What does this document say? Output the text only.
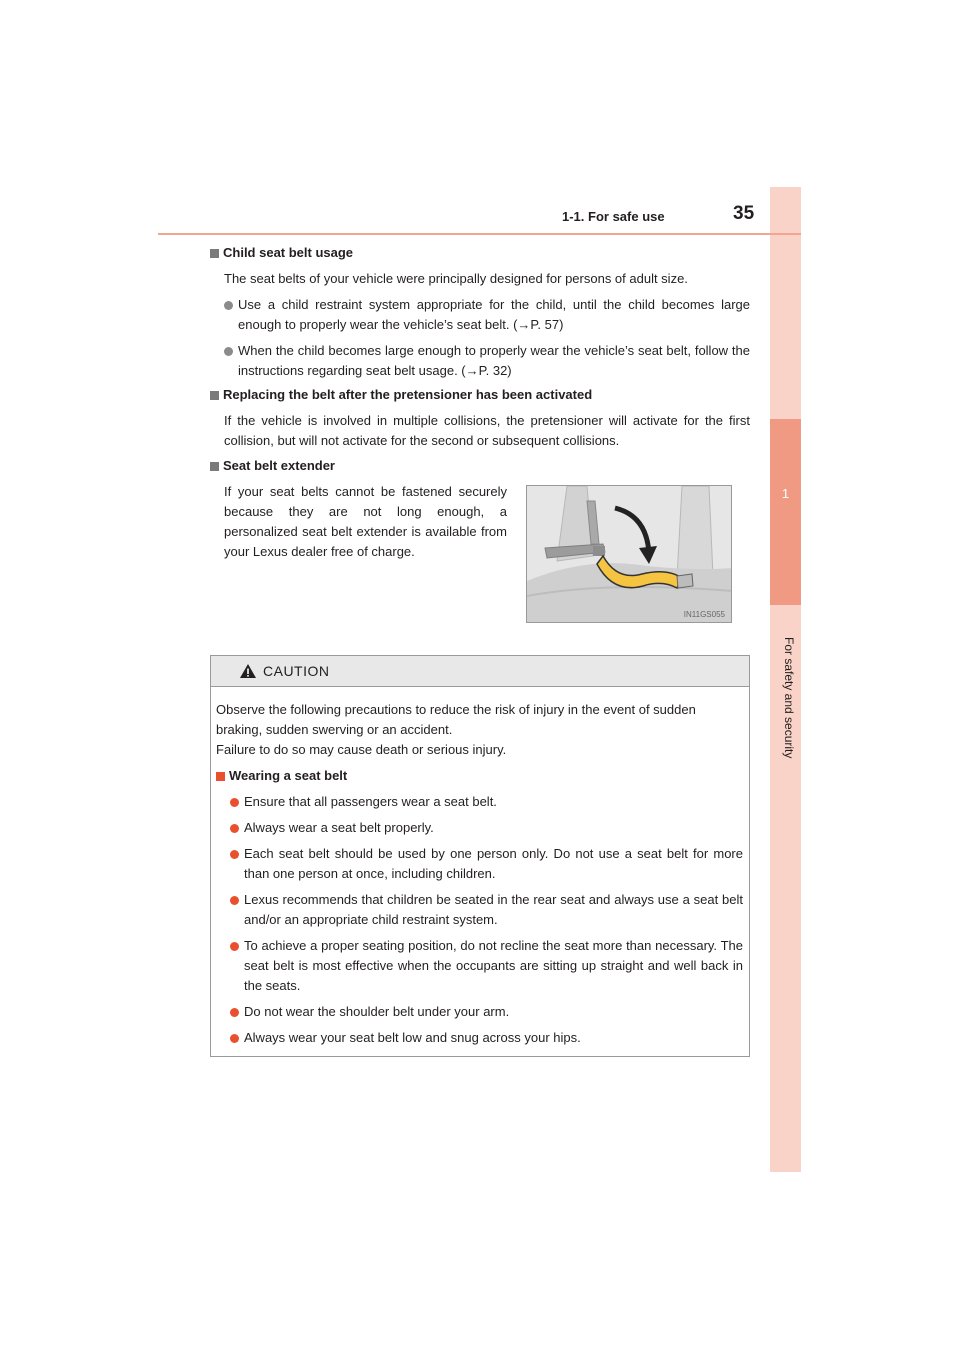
1
For safety and security
1-1. For safe use	35
Child seat belt usage
The seat belts of your vehicle were principally designed for persons of adult size.
Use a child restraint system appropriate for the child, until the child becomes large enough to properly wear the vehicle’s seat belt. (→P. 57)
When the child becomes large enough to properly wear the vehicle’s seat belt, follow the instructions regarding seat belt usage. (→P. 32)
Replacing the belt after the pretensioner has been activated
If the vehicle is involved in multiple collisions, the pretensioner will activate for the first collision, but will not activate for the second or subsequent collisions.
Seat belt extender
If your seat belts cannot be fastened securely because they are not long enough, a personalized seat belt extender is available from your Lexus dealer free of charge.
IN11GS055
CAUTION
Observe the following precautions to reduce the risk of injury in the event of sudden braking, sudden swerving or an accident.
Failure to do so may cause death or serious injury.
Wearing a seat belt
Ensure that all passengers wear a seat belt.
Always wear a seat belt properly.
Each seat belt should be used by one person only. Do not use a seat belt for more than one person at once, including children.
Lexus recommends that children be seated in the rear seat and always use a seat belt and/or an appropriate child restraint system.
To achieve a proper seating position, do not recline the seat more than necessary. The seat belt is most effective when the occupants are sitting up straight and well back in the seats.
Do not wear the shoulder belt under your arm.
Always wear your seat belt low and snug across your hips.
